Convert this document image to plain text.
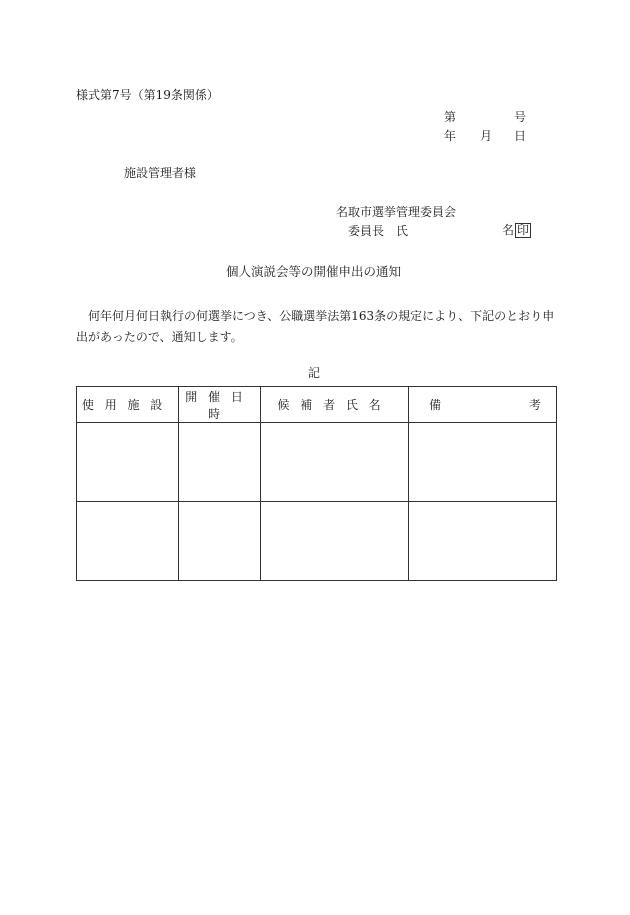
様式第7号（第19条関係）
第	号
年 月 日
施設管理者様
名取市選挙管理委員会
委員長　氏	名 印
個人演説会等の開催申出の通知
何年何月何日執行の何選挙につき、公職選挙法第163条の規定により、下記のとおり申
出があったので、通知します。
記
使用施設	開催日時	候補者氏名	備 考
